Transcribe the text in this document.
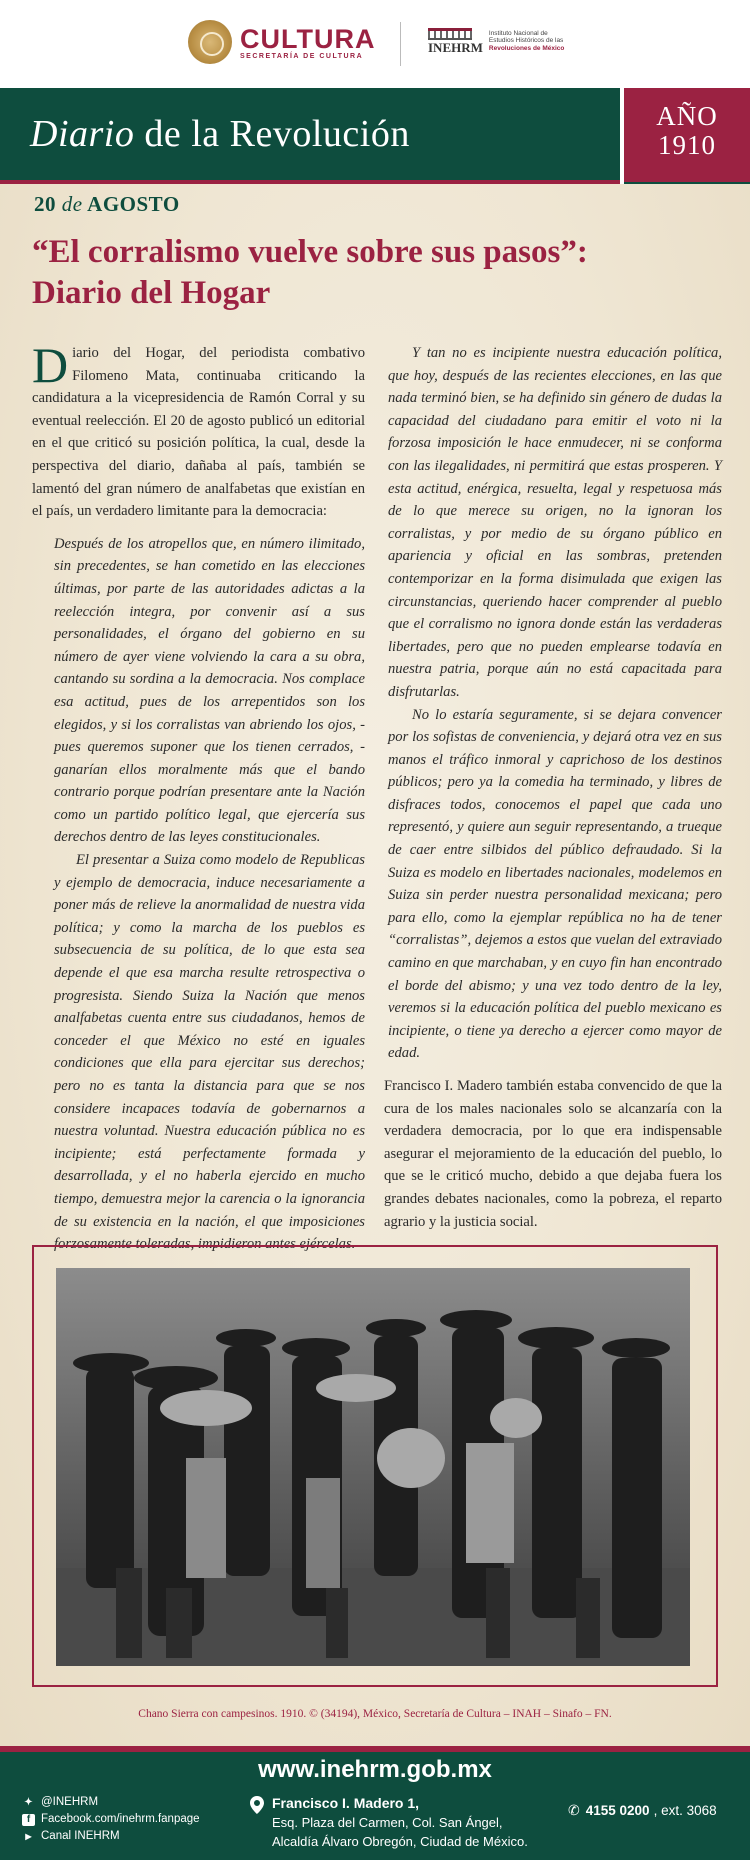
CULTURA
SECRETARÍA DE CULTURA
INEHRM
Instituto Nacional de
Estudios Históricos de las
Revoluciones de México
Diario de la Revolución	AÑO
1910
20 de AGOSTO
“El corralismo vuelve sobre sus pasos”:
Diario del Hogar

Diario del Hogar, del periodista combativo Filomeno Mata, continuaba criticando la candidatura a la vicepresidencia de Ramón Corral y su eventual reelección. El 20 de agosto publicó un editorial en el que criticó su posición política, la cual, desde la perspectiva del diario, dañaba al país, también se lamentó del gran número de analfabetas que existían en el país, un verdadero limitante para la democracia:

Después de los atropellos que, en número ilimitado, sin precedentes, se han cometido en las elecciones últimas, por parte de las autoridades adictas a la reelección integra, por convenir así a sus personalidades, el órgano del gobierno en su número de ayer viene volviendo la cara a su obra, cantando su sordina a la democracia. Nos complace esa actitud, pues de los arrepentidos son los elegidos, y si los corralistas van abriendo los ojos, - pues queremos suponer que los tienen cerrados, - ganarían ellos moralmente más que el bando contrario porque podrían presentare ante la Nación como un partido político legal, que ejercería sus derechos dentro de las leyes constitucionales.

El presentar a Suiza como modelo de Republicas y ejemplo de democracia, induce necesariamente a poner más de relieve la anormalidad de nuestra vida política; y como la marcha de los pueblos es subsecuencia de su política, de lo que esta sea depende el que esa marcha resulte retrospectiva o progresista. Siendo Suiza la Nación que menos analfabetas cuenta entre sus ciudadanos, hemos de conceder el que México no esté en iguales condiciones que ella para ejercitar sus derechos; pero no es tanta la distancia para que se nos considere incapaces todavía de gobernarnos a nuestra voluntad. Nuestra educación pública no es incipiente; está perfectamente formada y desarrollada, y el no haberla ejercido en mucho tiempo, demuestra mejor la carencia o la ignorancia de su existencia en la nación, el que imposiciones forzosamente toleradas, impidieron antes ejércelas.

Y tan no es incipiente nuestra educación política, que hoy, después de las recientes elecciones, en las que nada terminó bien, se ha definido sin género de dudas la capacidad del ciudadano para emitir el voto ni la forzosa imposición le hace enmudecer, ni se conforma con las ilegalidades, ni permitirá que estas prosperen. Y esta actitud, enérgica, resuelta, legal y respetuosa más de lo que merece su origen, no la ignoran los corralistas, y por medio de su órgano público en apariencia y oficial en las sombras, pretenden contemporizar en la forma disimulada que exigen las circunstancias, queriendo hacer comprender al pueblo que el corralismo no ignora donde están las verdaderas libertades, pero que no pueden emplearse todavía en nuestra patria, porque aún no está capacitada para disfrutarlas.

No lo estaría seguramente, si se dejara convencer por los sofistas de conveniencia, y dejará otra vez en sus manos el tráfico inmoral y caprichoso de los destinos públicos; pero ya la comedia ha terminado, y libres de disfraces todos, conocemos el papel que cada uno representó, y quiere aun seguir representando, a trueque de caer entre silbidos del público defraudado. Si la Suiza es modelo en libertades nacionales, modelemos en Suiza sin perder nuestra personalidad mexicana; pero para ello, como la ejemplar república no ha de tener “corralistas”, dejemos a estos que vuelan del extraviado camino en que marchaban, y en cuyo fin han encontrado el borde del abismo; y una vez todo dentro de la ley, veremos si la educación política del pueblo mexicano es incipiente, o tiene ya derecho a ejercer como mayor de edad.

Francisco I. Madero también estaba convencido de que la cura de los males nacionales solo se alcanzaría con la verdadera democracia, por lo que era indispensable asegurar el mejoramiento de la educación del pueblo, lo que se le criticó mucho, debido a que dejaba fuera los grandes debates nacionales, como la pobreza, el reparto agrario y la justicia social.

Chano Sierra con campesinos. 1910. © (34194), México, Secretaría de Cultura – INAH – Sinafo – FN.
www.inehrm.gob.mx
✦ @INEHRM
f Facebook.com/inehrm.fanpage
▶ Canal INEHRM
Francisco I. Madero 1,
Esq. Plaza del Carmen, Col. San Ángel,
Alcaldía Álvaro Obregón, Ciudad de México.
✆ 4155 0200 , ext. 3068
